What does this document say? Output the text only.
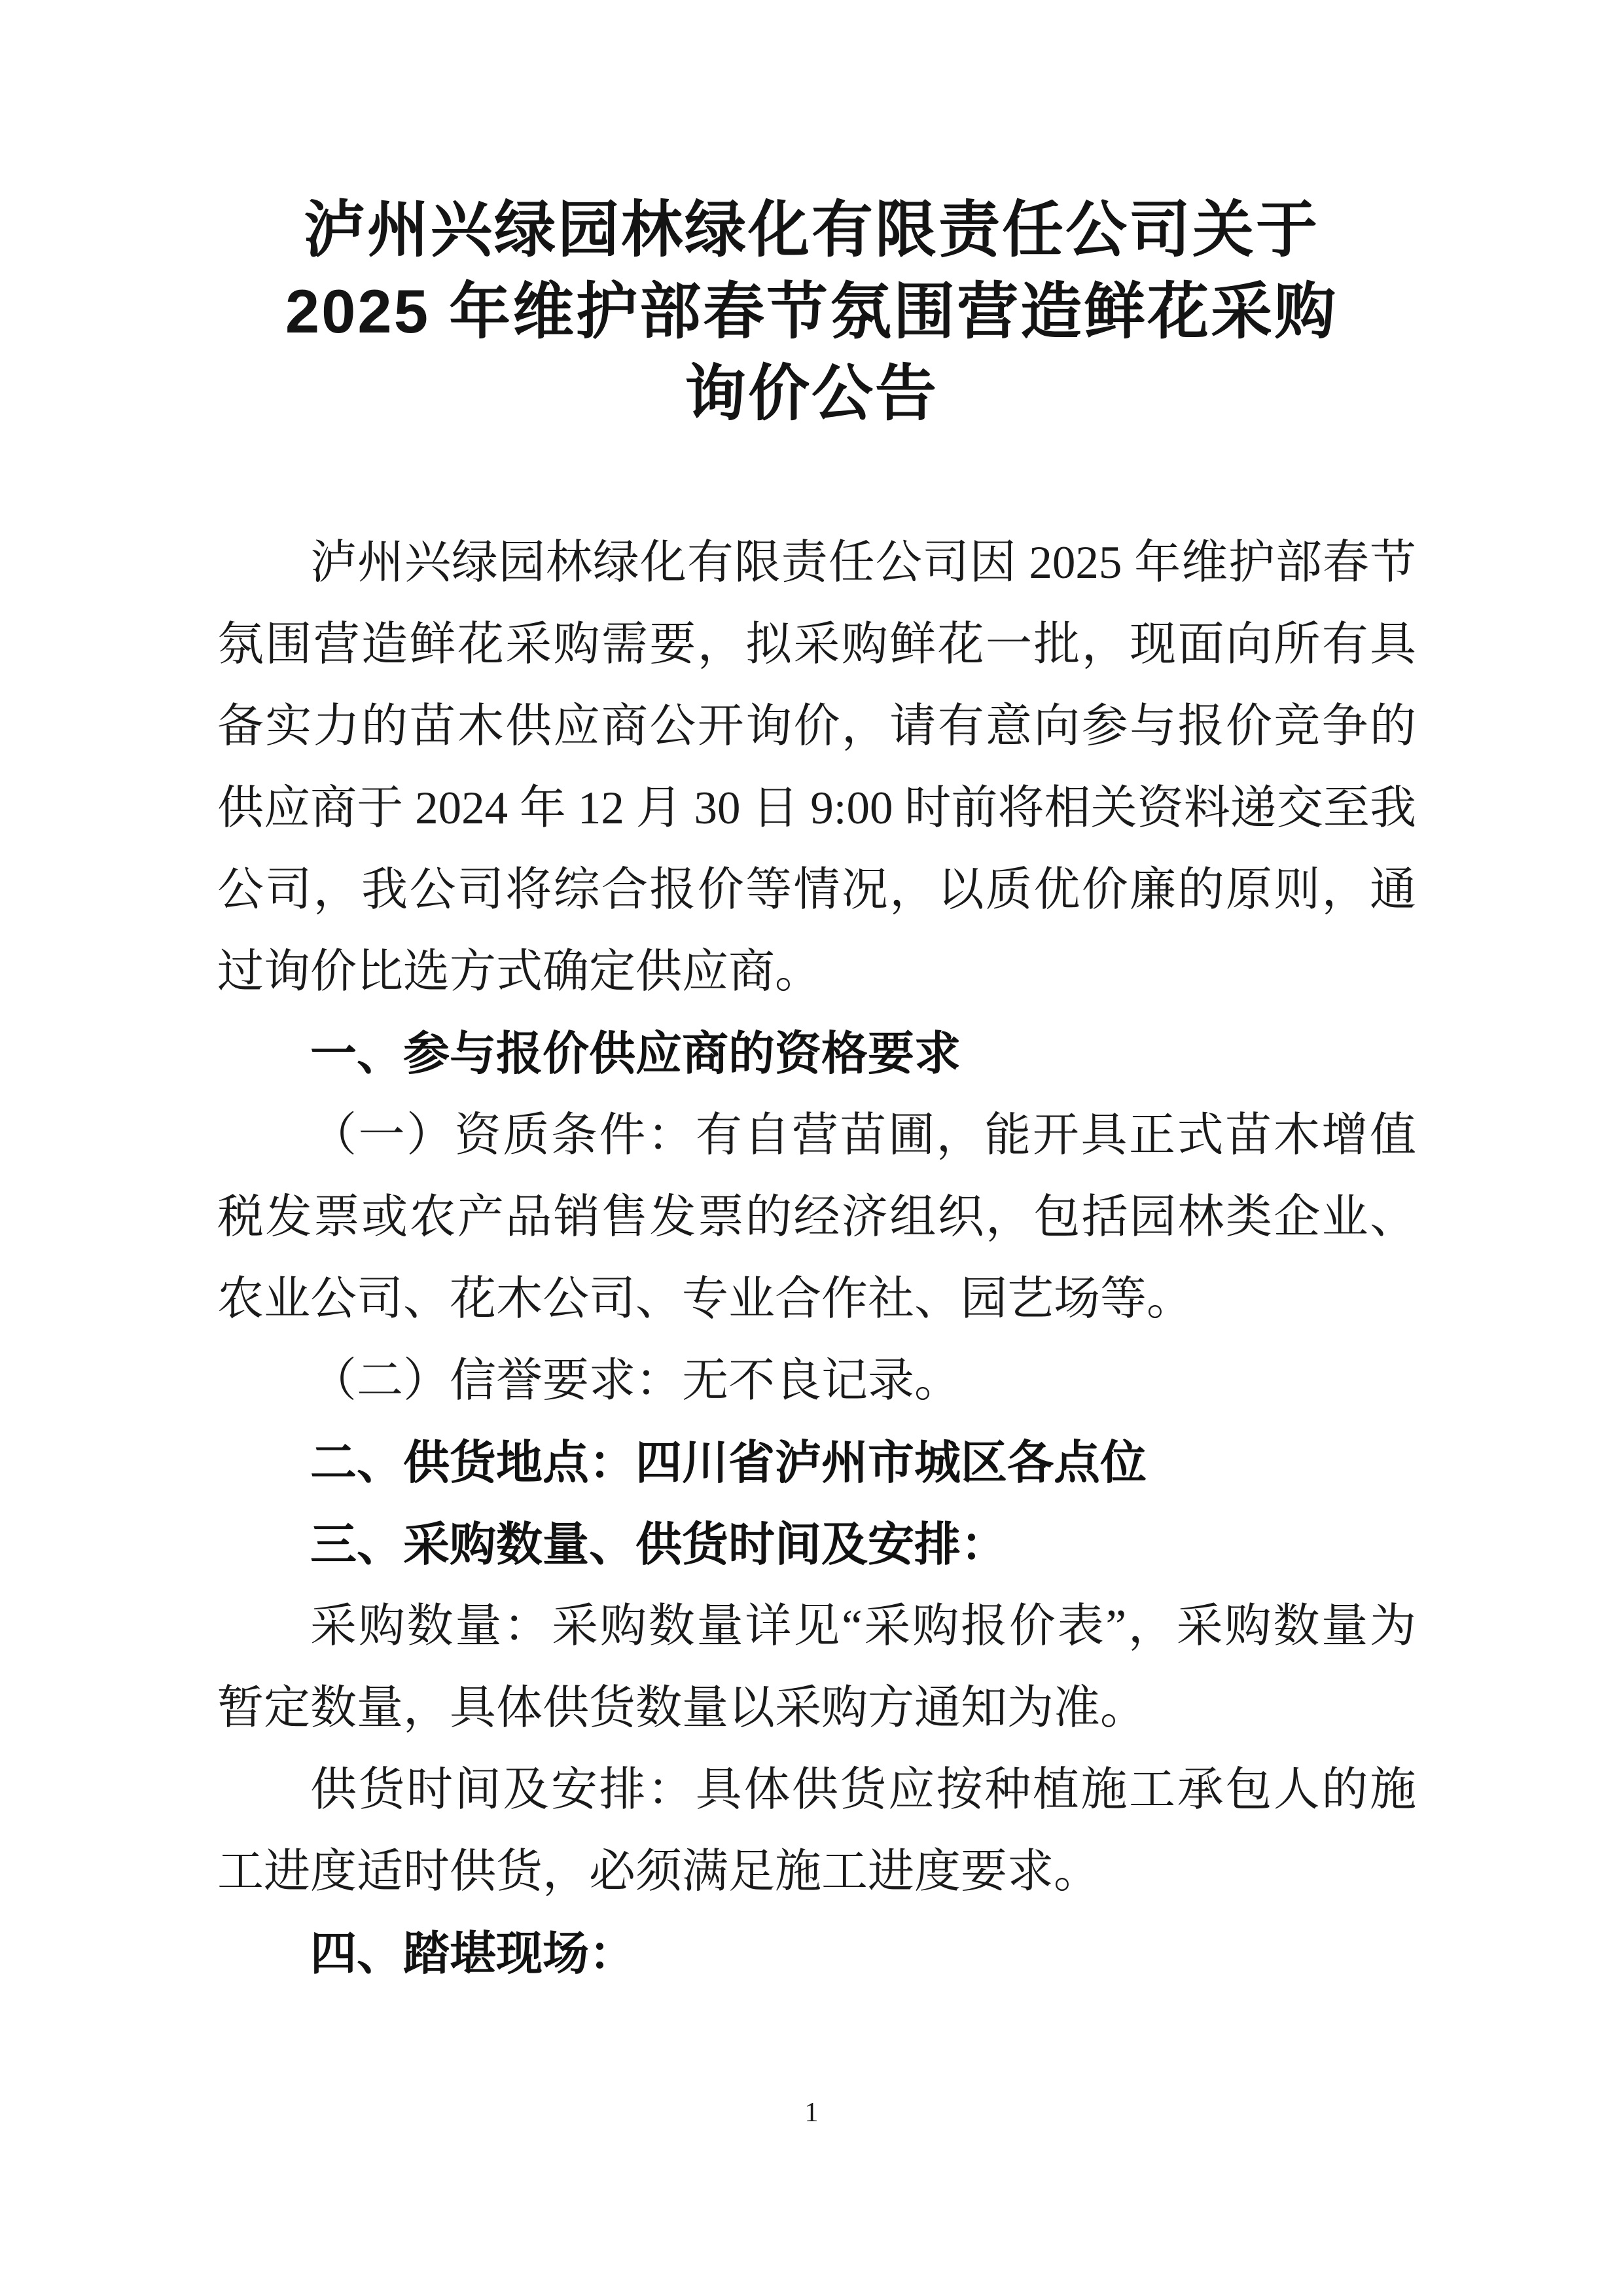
泸州兴绿园林绿化有限责任公司关于
2025 年维护部春节氛围营造鲜花采购
询价公告

泸州兴绿园林绿化有限责任公司因 2025 年维护部春节氛围营造鲜花采购需要，拟采购鲜花一批，现面向所有具备实力的苗木供应商公开询价，请有意向参与报价竞争的供应商于 2024 年 12 月 30 日 9:00 时前将相关资料递交至我公司，我公司将综合报价等情况，以质优价廉的原则，通过询价比选方式确定供应商。

一、参与报价供应商的资格要求

（一）资质条件：有自营苗圃，能开具正式苗木增值税发票或农产品销售发票的经济组织，包括园林类企业、农业公司、花木公司、专业合作社、园艺场等。

（二）信誉要求：无不良记录。

二、供货地点：四川省泸州市城区各点位

三、采购数量、供货时间及安排：

采购数量：采购数量详见“采购报价表”，采购数量为暂定数量，具体供货数量以采购方通知为准。

供货时间及安排：具体供货应按种植施工承包人的施工进度适时供货，必须满足施工进度要求。

四、踏堪现场：

1
